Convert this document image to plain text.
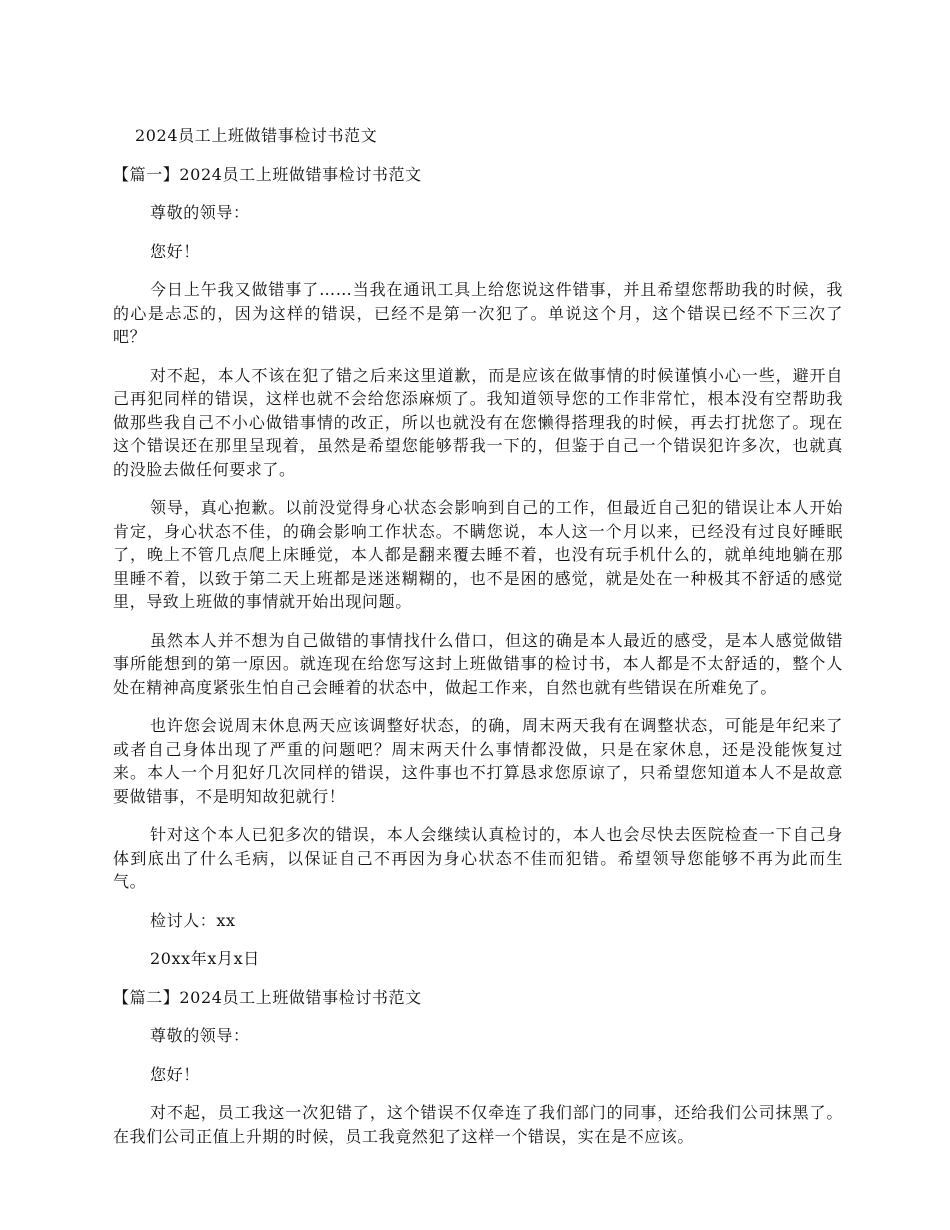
2024员工上班做错事检讨书范文

【篇一】2024员工上班做错事检讨书范文

尊敬的领导：

您好！

今日上午我又做错事了……当我在通讯工具上给您说这件错事，并且希望您帮助我的时候，我的心是忐忑的，因为这样的错误，已经不是第一次犯了。单说这个月，这个错误已经不下三次了吧？

对不起，本人不该在犯了错之后来这里道歉，而是应该在做事情的时候谨慎小心一些，避开自己再犯同样的错误，这样也就不会给您添麻烦了。我知道领导您的工作非常忙，根本没有空帮助我做那些我自己不小心做错事情的改正，所以也就没有在您懒得搭理我的时候，再去打扰您了。现在这个错误还在那里呈现着，虽然是希望您能够帮我一下的，但鉴于自己一个错误犯许多次，也就真的没脸去做任何要求了。

领导，真心抱歉。以前没觉得身心状态会影响到自己的工作，但最近自己犯的错误让本人开始肯定，身心状态不佳，的确会影响工作状态。不瞒您说，本人这一个月以来，已经没有过良好睡眠了，晚上不管几点爬上床睡觉，本人都是翻来覆去睡不着，也没有玩手机什么的，就单纯地躺在那里睡不着，以致于第二天上班都是迷迷糊糊的，也不是困的感觉，就是处在一种极其不舒适的感觉里，导致上班做的事情就开始出现问题。

虽然本人并不想为自己做错的事情找什么借口，但这的确是本人最近的感受，是本人感觉做错事所能想到的第一原因。就连现在给您写这封上班做错事的检讨书，本人都是不太舒适的，整个人处在精神高度紧张生怕自己会睡着的状态中，做起工作来，自然也就有些错误在所难免了。

也许您会说周末休息两天应该调整好状态，的确，周末两天我有在调整状态，可能是年纪来了或者自己身体出现了严重的问题吧？周末两天什么事情都没做，只是在家休息，还是没能恢复过来。本人一个月犯好几次同样的错误，这件事也不打算恳求您原谅了，只希望您知道本人不是故意要做错事，不是明知故犯就行！

针对这个本人已犯多次的错误，本人会继续认真检讨的，本人也会尽快去医院检查一下自己身体到底出了什么毛病，以保证自己不再因为身心状态不佳而犯错。希望领导您能够不再为此而生气。

检讨人：xx

20xx年x月x日

【篇二】2024员工上班做错事检讨书范文

尊敬的领导：

您好！

对不起，员工我这一次犯错了，这个错误不仅牵连了我们部门的同事，还给我们公司抹黑了。在我们公司正值上升期的时候，员工我竟然犯了这样一个错误，实在是不应该。
